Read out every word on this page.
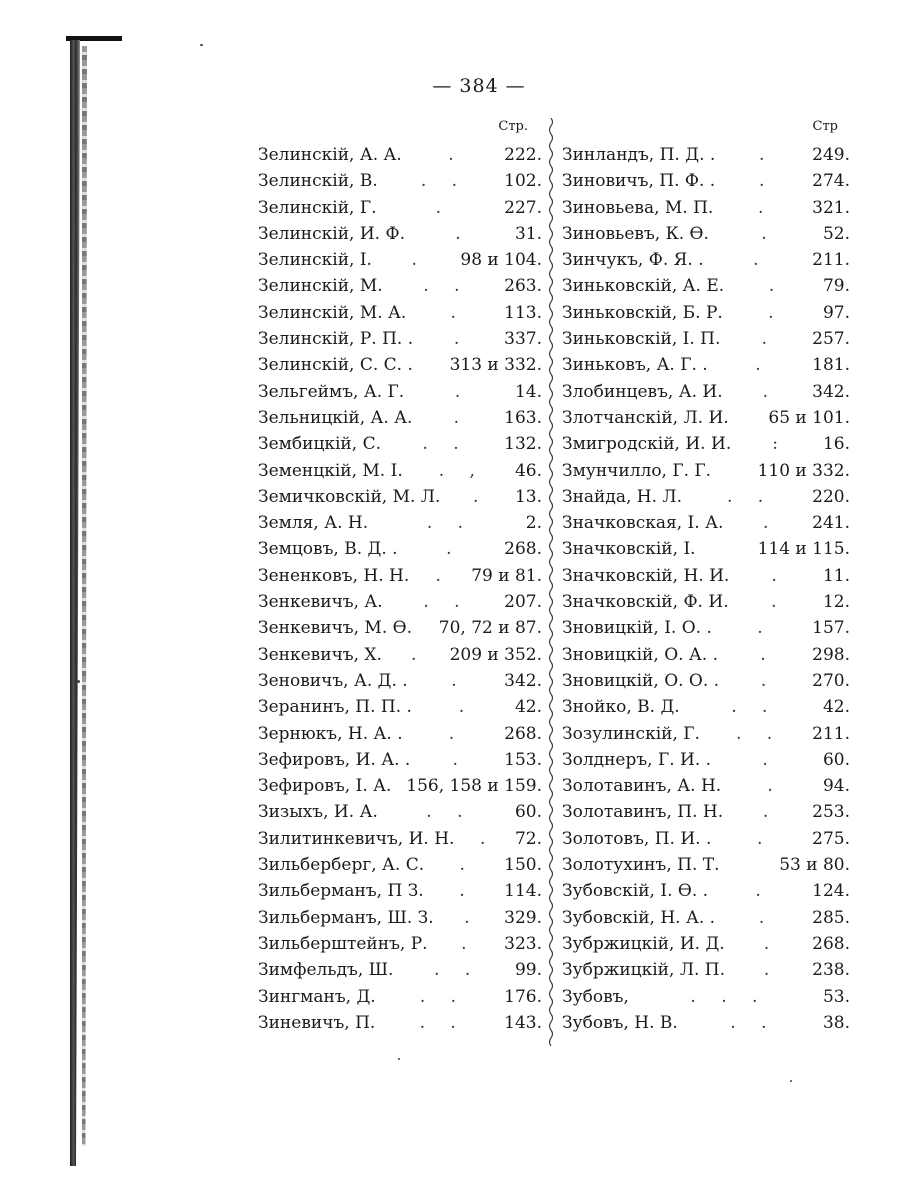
— 384 —
Стр.
Зелинскій, А. А.	.	222.
Зелинскій, В.	. .	102.
Зелинскій, Г.	.	227.
Зелинскій, И. Ф.	.	31.
Зелинскій, І.	.	98 и 104.
Зелинскій, М.	. .	263.
Зелинскій, М. А.	.	113.
Зелинскій, Р. П. .	.	337.
Зелинскій, С. С. . 313 и 332.
Зельгеймъ, А. Г.	.	14.
Зельницкій, А. А.	.	163.
Зембицкій, С.	. .	132.
Земенцкій, М. І.	. ,	46.
Земичковскій, М. Л.	.	13.
Земля, А. Н.	. .	2.
Земцовъ, В. Д. .	.	268.
Зененковъ, Н. Н.	.	79 и 81.
Зенкевичъ, А.	. .	207.
Зенкевичъ, М. Ѳ. 70, 72 и 87.
Зенкевичъ, Х.	.	209 и 352.
Зеновичъ, А. Д. .	.	342.
Зеранинъ, П. П. .	.	42.
Зернюкъ, Н. А. .	.	268.
Зефировъ, И. А. .	.	153.
Зефировъ, І. А. 156, 158 и 159.
Зизыхъ, И. А.	. .	60.
Зилитинкевичъ, И. Н.	.	72.
Зильберберг, А. С.	.	150.
Зильберманъ, П З.	.	114.
Зильберманъ, Ш. З.	.	329.
Зильберштейнъ, Р.	.	323.
Зимфельдъ, Ш.	. .	99.
Зингманъ, Д.	. .	176.
Зиневичъ, П.	. .	143.
Стр
Зинландъ, П. Д. .	.	249.
Зиновичъ, П. Ф. .	.	274.
Зиновьева, М. П.	.	321.
Зиновьевъ, К. Ѳ.	.	52.
Зинчукъ, Ф. Я. .	.	211.
Зиньковскій, А. Е.	.	79.
Зиньковскій, Б. Р.	.	97.
Зиньковскій, І. П.	.	257.
Зиньковъ, А. Г. .	.	181.
Злобинцевъ, А. И.	.	342.
Злотчанскій, Л. И. 65 и 101.
Змигродскій, И. И.	:	16.
Змунчилло, Г. Г.	110 и 332.
Знайда, Н. Л.	. .	220.
Значковская, І. А.	.	241.
Значковскій, І.	114 и 115.
Значковскій, Н. И.	.	11.
Значковскій, Ф. И.	.	12.
Зновицкій, І. О. .	.	157.
Зновицкій, О. А. .	.	298.
Зновицкій, О. О. .	.	270.
Знойко, В. Д.	. .	42.
Зозулинскій, Г.	. .	211.
Золднеръ, Г. И. .	.	60.
Золотавинъ, А. Н.	.	94.
Золотавинъ, П. Н.	.	253.
Золотовъ, П. И. .	.	275.
Золотухинъ, П. Т.	53 и 80.
Зубовскій, І. Ѳ. .	.	124.
Зубовскій, Н. А. .	.	285.
Зубржицкій, И. Д.	.	268.
Зубржицкій, Л. П.	.	238.
Зубовъ,	. . .	53.
Зубовъ, Н. В.	. .	38.
